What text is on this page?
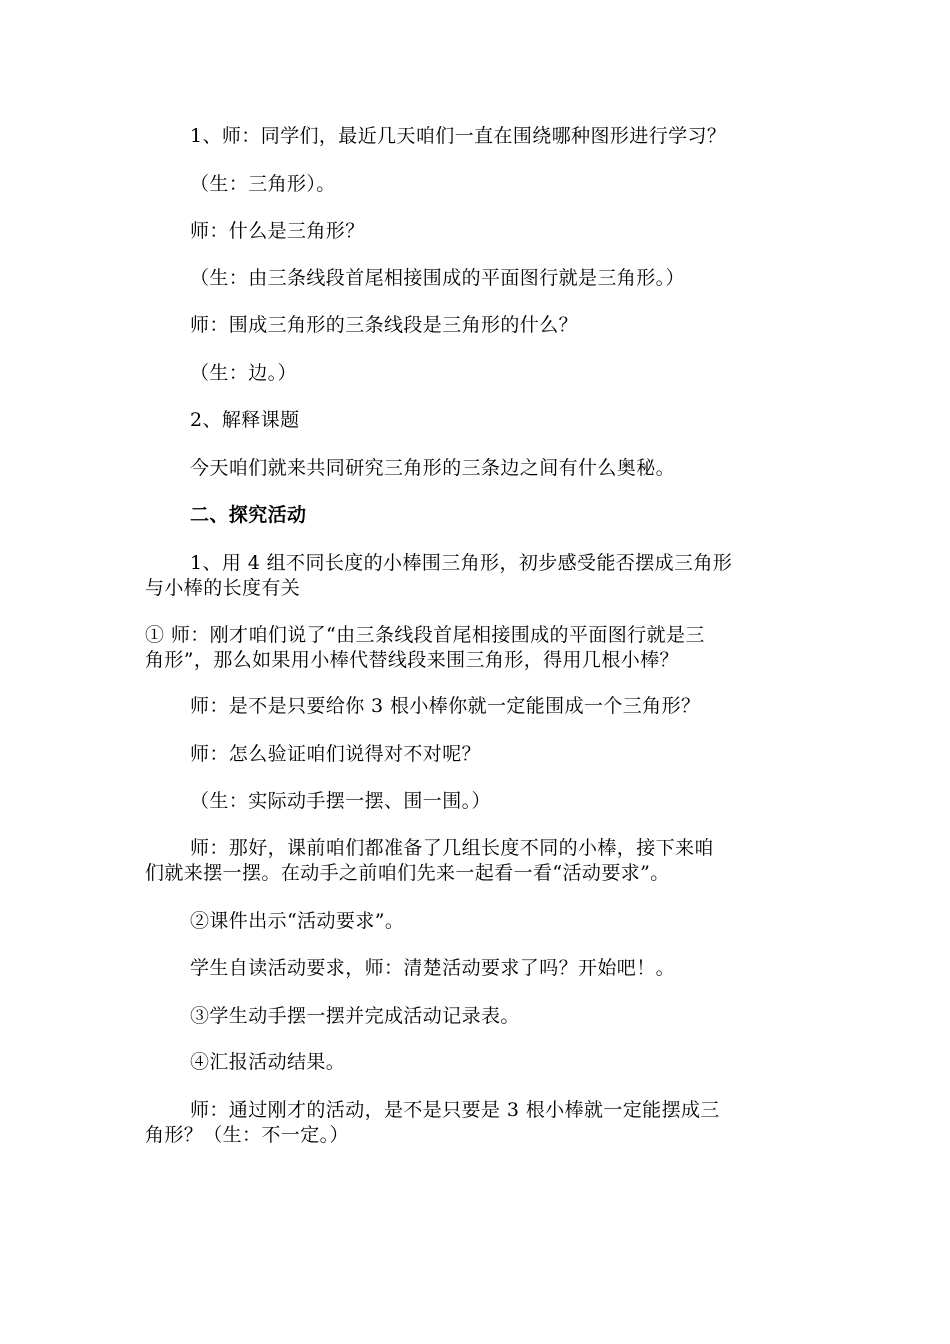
1、师：同学们，最近几天咱们一直在围绕哪种图形进行学习？
（生：三角形）。
师：什么是三角形？
（生：由三条线段首尾相接围成的平面图行就是三角形。）
师：围成三角形的三条线段是三角形的什么？
（生：边。）
2、解释课题
今天咱们就来共同研究三角形的三条边之间有什么奥秘。
二、探究活动
1、用 4 组不同长度的小棒围三角形，初步感受能否摆成三角形
与小棒的长度有关
① 师：刚才咱们说了“由三条线段首尾相接围成的平面图行就是三
角形”，那么如果用小棒代替线段来围三角形，得用几根小棒？
师：是不是只要给你 3 根小棒你就一定能围成一个三角形？
师：怎么验证咱们说得对不对呢？
（生：实际动手摆一摆、围一围。）
师：那好，课前咱们都准备了几组长度不同的小棒，接下来咱
们就来摆一摆。在动手之前咱们先来一起看一看“活动要求”。
②课件出示“活动要求”。
学生自读活动要求，师：清楚活动要求了吗？开始吧！。
③学生动手摆一摆并完成活动记录表。
④汇报活动结果。
师：通过刚才的活动，是不是只要是 3 根小棒就一定能摆成三
角形？（生：不一定。）
